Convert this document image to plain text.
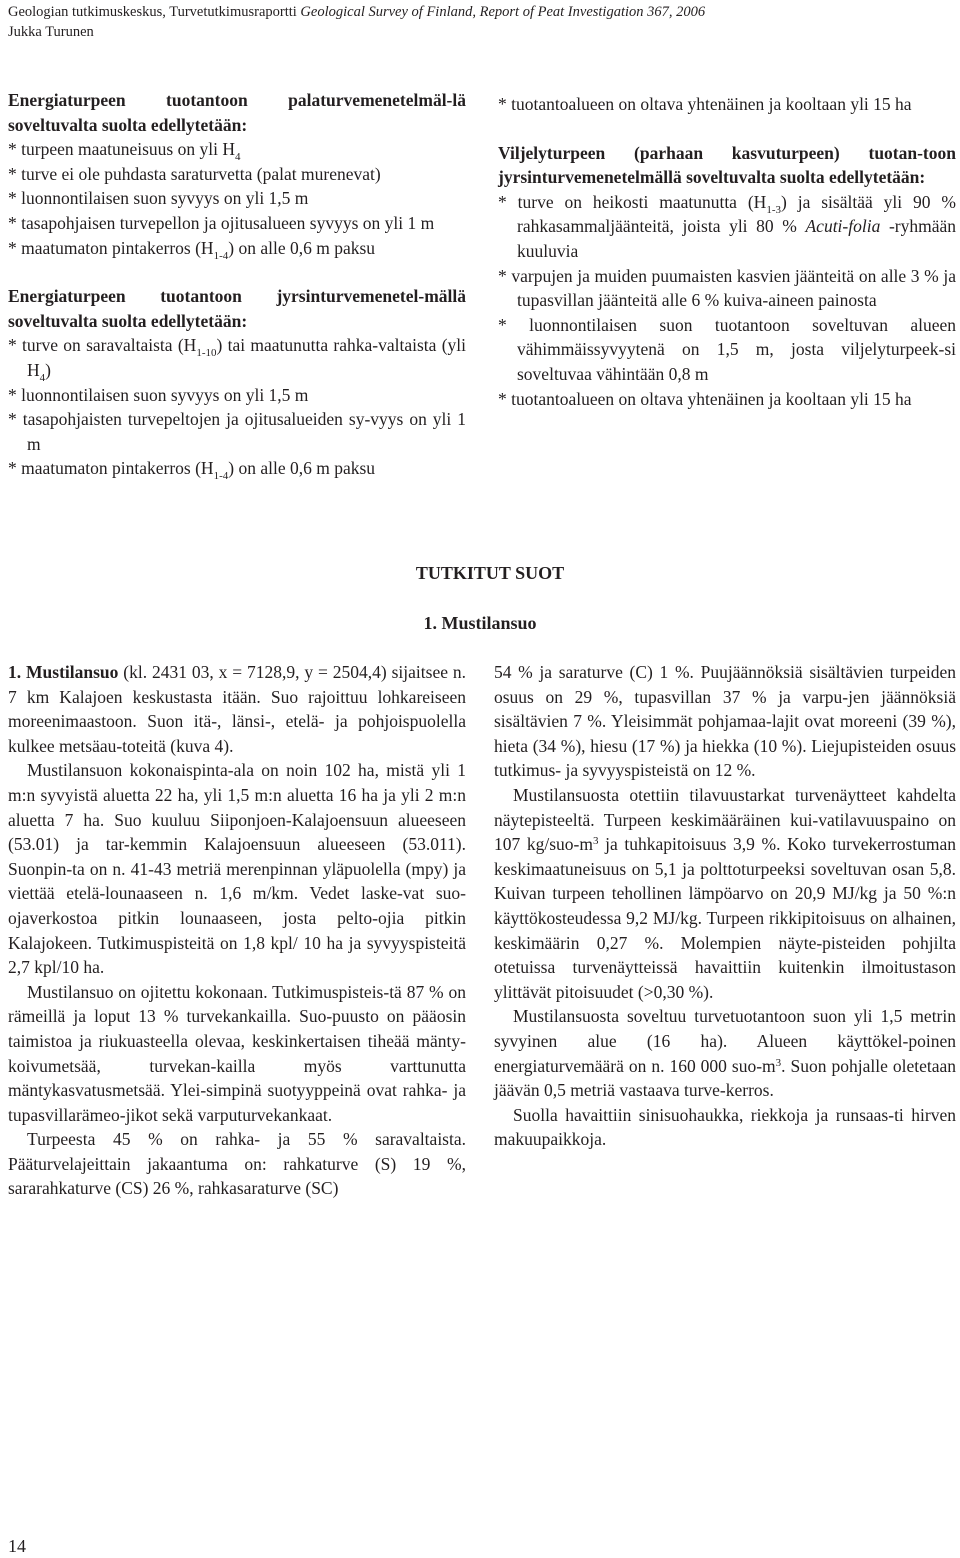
Geologian tutkimuskeskus, Turvetutkimusraportti Geological Survey of Finland, Report of Peat Investigation 367, 2006
Jukka Turunen

Energiaturpeen tuotantoon palaturvemenetelmäl-lä soveltuvalta suolta edellytetään:

* turpeen maatuneisuus on yli $H_4$

* turve ei ole puhdasta saraturvetta (palat murenevat)

* luonnontilaisen suon syvyys on yli 1,5 m

* tasapohjaisen turvepellon ja ojitusalueen syvyys on yli 1 m

* maatumaton pintakerros $(H_{1-4})$ on alle 0,6 m paksu

Energiaturpeen tuotantoon jyrsinturvemenetel-mällä soveltuvalta suolta edellytetään:

* turve on saravaltaista $(H_{1-10})$ tai maatunutta rahka-valtaista (yli $H_4$)

* luonnontilaisen suon syvyys on yli 1,5 m

* tasapohjaisten turvepeltojen ja ojitusalueiden sy-vyys on yli 1 m

* maatumaton pintakerros $(H_{1-4})$ on alle 0,6 m paksu

* tuotantoalueen on oltava yhtenäinen ja kooltaan yli 15 ha

Viljelyturpeen (parhaan kasvuturpeen) tuotan-toon jyrsinturvemenetelmällä soveltuvalta suolta edellytetään:

* turve on heikosti maatunutta $(H_{1-3})$ ja sisältää yli 90 % rahkasammaljäänteitä, joista yli 80 % Acuti-folia -ryhmään kuuluvia

* varpujen ja muiden puumaisten kasvien jäänteitä on alle 3 % ja tupasvillan jäänteitä alle 6 % kuiva-aineen painosta

* luonnontilaisen suon tuotantoon soveltuvan alueen vähimmäissyvyytenä on 1,5 m, josta viljelyturpeek-si soveltuvaa vähintään 0,8 m

* tuotantoalueen on oltava yhtenäinen ja kooltaan yli 15 ha

TUTKITUT SUOT
1. Mustilansuo

1. Mustilansuo (kl. 2431 03, x = 7128,9, y = 2504,4) sijaitsee n. 7 km Kalajoen keskustasta itään. Suo rajoittuu lohkareiseen moreenimaastoon. Suon itä-, länsi-, etelä- ja pohjoispuolella kulkee metsäau-toteitä (kuva 4).

Mustilansuon kokonaispinta-ala on noin 102 ha, mistä yli 1 m:n syvyistä aluetta 22 ha, yli 1,5 m:n aluetta 16 ha ja yli 2 m:n aluetta 7 ha. Suo kuuluu Siiponjoen-Kalajoensuun alueeseen (53.01) ja tar-kemmin Kalajoensuun alueeseen (53.011). Suonpin-ta on n. 41-43 metriä merenpinnan yläpuolella (mpy) ja viettää etelä-lounaaseen n. 1,6 m/km. Vedet laske-vat suo-ojaverkostoa pitkin lounaaseen, josta pelto-ojia pitkin Kalajokeen. Tutkimuspisteitä on 1,8 kpl/ 10 ha ja syvyyspisteitä 2,7 kpl/10 ha.

Mustilansuo on ojitettu kokonaan. Tutkimuspisteis-tä 87 % on rämeillä ja loput 13 % turvekankailla. Suo-puusto on pääosin taimistoa ja riukuasteella olevaa, keskinkertaisen tiheää mänty-koivumetsää, turvekan-kailla myös varttunutta mäntykasvatusmetsää. Ylei-simpinä suotyyppeinä ovat rahka- ja tupasvillarämeo-jikot sekä varputurvekankaat.

Turpeesta 45 % on rahka- ja 55 % saravaltaista. Pääturvelajeittain jakaantuma on: rahkaturve (S) 19 %, sararahkaturve (CS) 26 %, rahkasaraturve (SC)

54 % ja saraturve (C) 1 %. Puujäännöksiä sisältävien turpeiden osuus on 29 %, tupasvillan 37 % ja varpu-jen jäännöksiä sisältävien 7 %. Yleisimmät pohjamaa-lajit ovat moreeni (39 %), hieta (34 %), hiesu (17 %) ja hiekka (10 %). Liejupisteiden osuus tutkimus- ja syvyyspisteistä on 12 %.

Mustilansuosta otettiin tilavuustarkat turvenäytteet kahdelta näytepisteeltä. Turpeen keskimääräinen kui-vatilavuuspaino on 107 $kg/suo-m^3$ ja tuhkapitoisuus 3,9 %. Koko turvekerrostuman keskimaatuneisuus on 5,1 ja polttoturpeeksi soveltuvan osan 5,8. Kuivan turpeen tehollinen lämpöarvo on 20,9 MJ/kg ja 50 %:n käyttökosteudessa 9,2 MJ/kg. Turpeen rikkipitoisuus on alhainen, keskimäärin 0,27 %. Molempien näyte-pisteiden pohjilta otetuissa turvenäytteissä havaittiin kuitenkin ilmoitustason ylittävät pitoisuudet (>0,30 %).

Mustilansuosta soveltuu turvetuotantoon suon yli 1,5 metrin syvyinen alue (16 ha). Alueen käyttökel-poinen energiaturvemäärä on n. 160 000 suo-$m^3$. Suon pohjalle oletetaan jäävän 0,5 metriä vastaava turve-kerros.

Suolla havaittiin sinisuohaukka, riekkoja ja runsaas-ti hirven makuupaikkoja.

14
